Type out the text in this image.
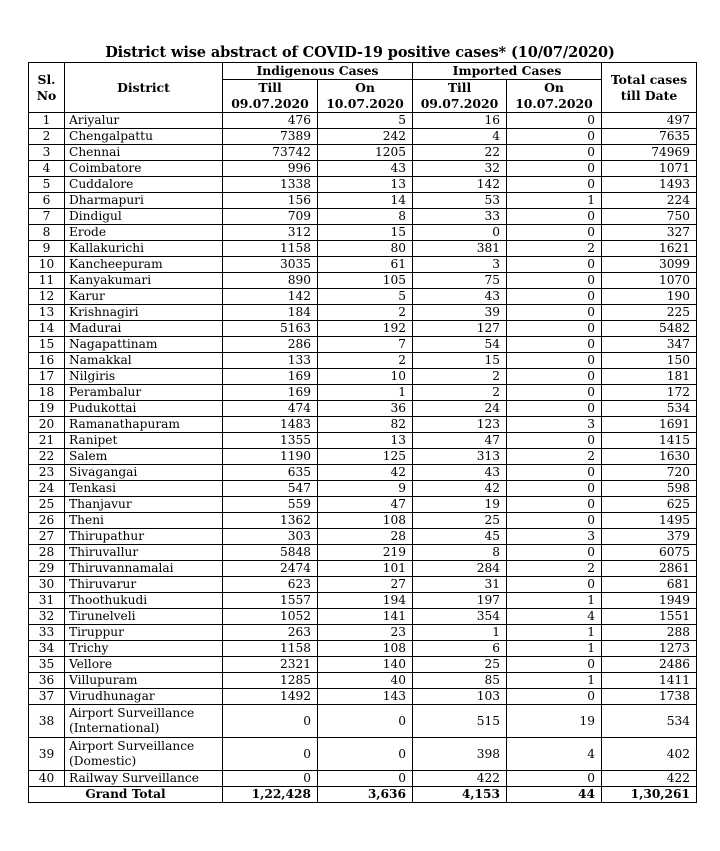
District wise abstract of COVID-19 positive cases* (10/07/2020)
Sl. No	District	Indigenous Cases		Imported Cases		Total cases till Date
		Till 09.07.2020	On 10.07.2020	Till 09.07.2020	On 10.07.2020	
1	Ariyalur	476	5	16	0	497
2	Chengalpattu	7389	242	4	0	7635
3	Chennai	73742	1205	22	0	74969
4	Coimbatore	996	43	32	0	1071
5	Cuddalore	1338	13	142	0	1493
6	Dharmapuri	156	14	53	1	224
7	Dindigul	709	8	33	0	750
8	Erode	312	15	0	0	327
9	Kallakurichi	1158	80	381	2	1621
10	Kancheepuram	3035	61	3	0	3099
11	Kanyakumari	890	105	75	0	1070
12	Karur	142	5	43	0	190
13	Krishnagiri	184	2	39	0	225
14	Madurai	5163	192	127	0	5482
15	Nagapattinam	286	7	54	0	347
16	Namakkal	133	2	15	0	150
17	Nilgiris	169	10	2	0	181
18	Perambalur	169	1	2	0	172
19	Pudukottai	474	36	24	0	534
20	Ramanathapuram	1483	82	123	3	1691
21	Ranipet	1355	13	47	0	1415
22	Salem	1190	125	313	2	1630
23	Sivagangai	635	42	43	0	720
24	Tenkasi	547	9	42	0	598
25	Thanjavur	559	47	19	0	625
26	Theni	1362	108	25	0	1495
27	Thirupathur	303	28	45	3	379
28	Thiruvallur	5848	219	8	0	6075
29	Thiruvannamalai	2474	101	284	2	2861
30	Thiruvarur	623	27	31	0	681
31	Thoothukudi	1557	194	197	1	1949
32	Tirunelveli	1052	141	354	4	1551
33	Tiruppur	263	23	1	1	288
34	Trichy	1158	108	6	1	1273
35	Vellore	2321	140	25	0	2486
36	Villupuram	1285	40	85	1	1411
37	Virudhunagar	1492	143	103	0	1738
38	Airport Surveillance (International)	0	0	515	19	534
39	Airport Surveillance (Domestic)	0	0	398	4	402
40	Railway Surveillance	0	0	422	0	422
Grand Total		1,22,428	3,636	4,153	44	1,30,261
